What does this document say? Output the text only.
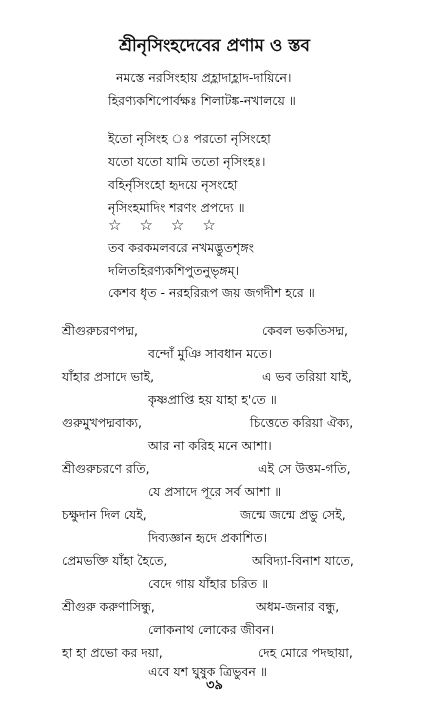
শ্রীনৃসিংহদেবের প্রণাম ও স্তব
নমস্তে নরসিংহায় প্রহ্লাদাহ্লাদ-দায়িনে।
হিরণ্যকশিপোর্বক্ষঃ শিলাটঙ্ক-নখালয়ে ॥
ইতো নৃসিংহ ঃ পরতো নৃসিংহো
যতো যতো যামি ততো নৃসিংহঃ।
বহির্নৃসিংহো হৃদয়ে নৃসংহো
নৃসিংহমাদিং শরণং প্রপদ্যে ॥
☆☆☆☆
তব করকমলবরে নখমদ্ভুতশৃঙ্গং
দলিতহিরণ্যকশিপুতনুভৃঙ্গম্।
কেশব ধৃত - নরহরিরূপ জয় জগদীশ হরে ॥
শ্রীগুরুচরণপদ্ম,	কেবল ভকতিসদ্ম,
বন্দোঁ মুঞি সাবধান মতে।
যাঁহার প্রসাদে ভাই,	এ ভব তরিয়া যাই,
কৃষ্ণপ্রাপ্তি হয় যাহা হ'তে ॥
গুরুমুখপদ্মবাক্য,	চিত্তেতে করিয়া ঐক্য,
আর না করিহ মনে আশা।
শ্রীগুরুচরণে রতি,	এই সে উত্তম-গতি,
যে প্রসাদে পূরে সর্ব আশা ॥
চক্ষুদান দিল যেই,	জন্মে জন্মে প্রভু সেই,
দিব্যজ্ঞান হৃদে প্রকাশিত।
প্রেমভক্তি যাঁহা হৈতে,	অবিদ্যা-বিনাশ যাতে,
বেদে গায় যাঁহার চরিত ॥
শ্রীগুরু করুণাসিন্ধু,	অধম-জনার বন্ধু,
লোকনাথ লোকের জীবন।
হা হা প্রভো কর দয়া,	দেহ মোরে পদছায়া,
এবে যশ ঘুষুক ত্রিভুবন ॥
৩৯
